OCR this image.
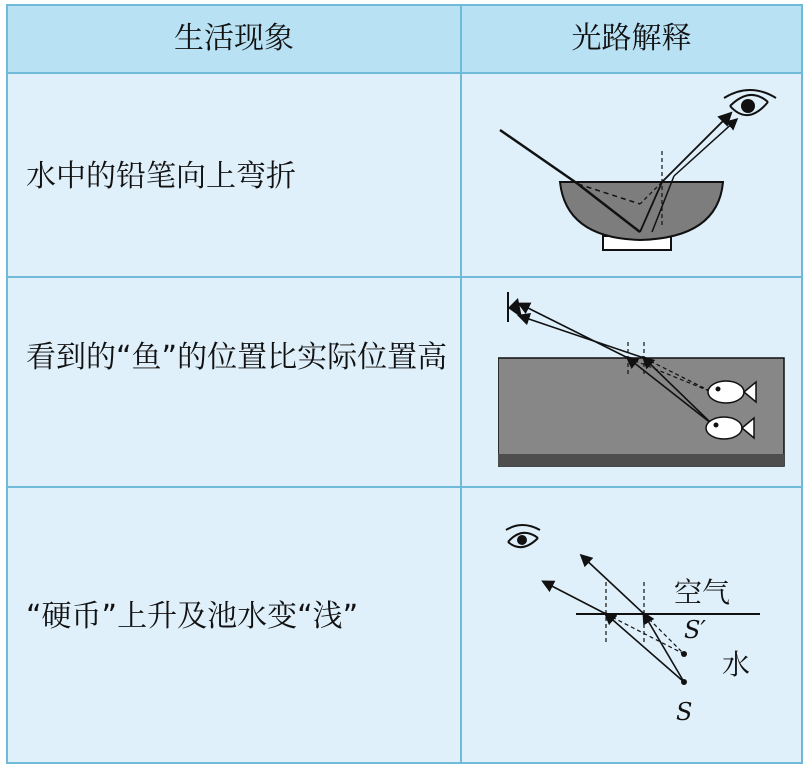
生活现象	光路解释
水中的铅笔向上弯折
看到的“鱼”的位置比实际位置高
“硬币”上升及池水变“浅”
空气
水
S′
S
